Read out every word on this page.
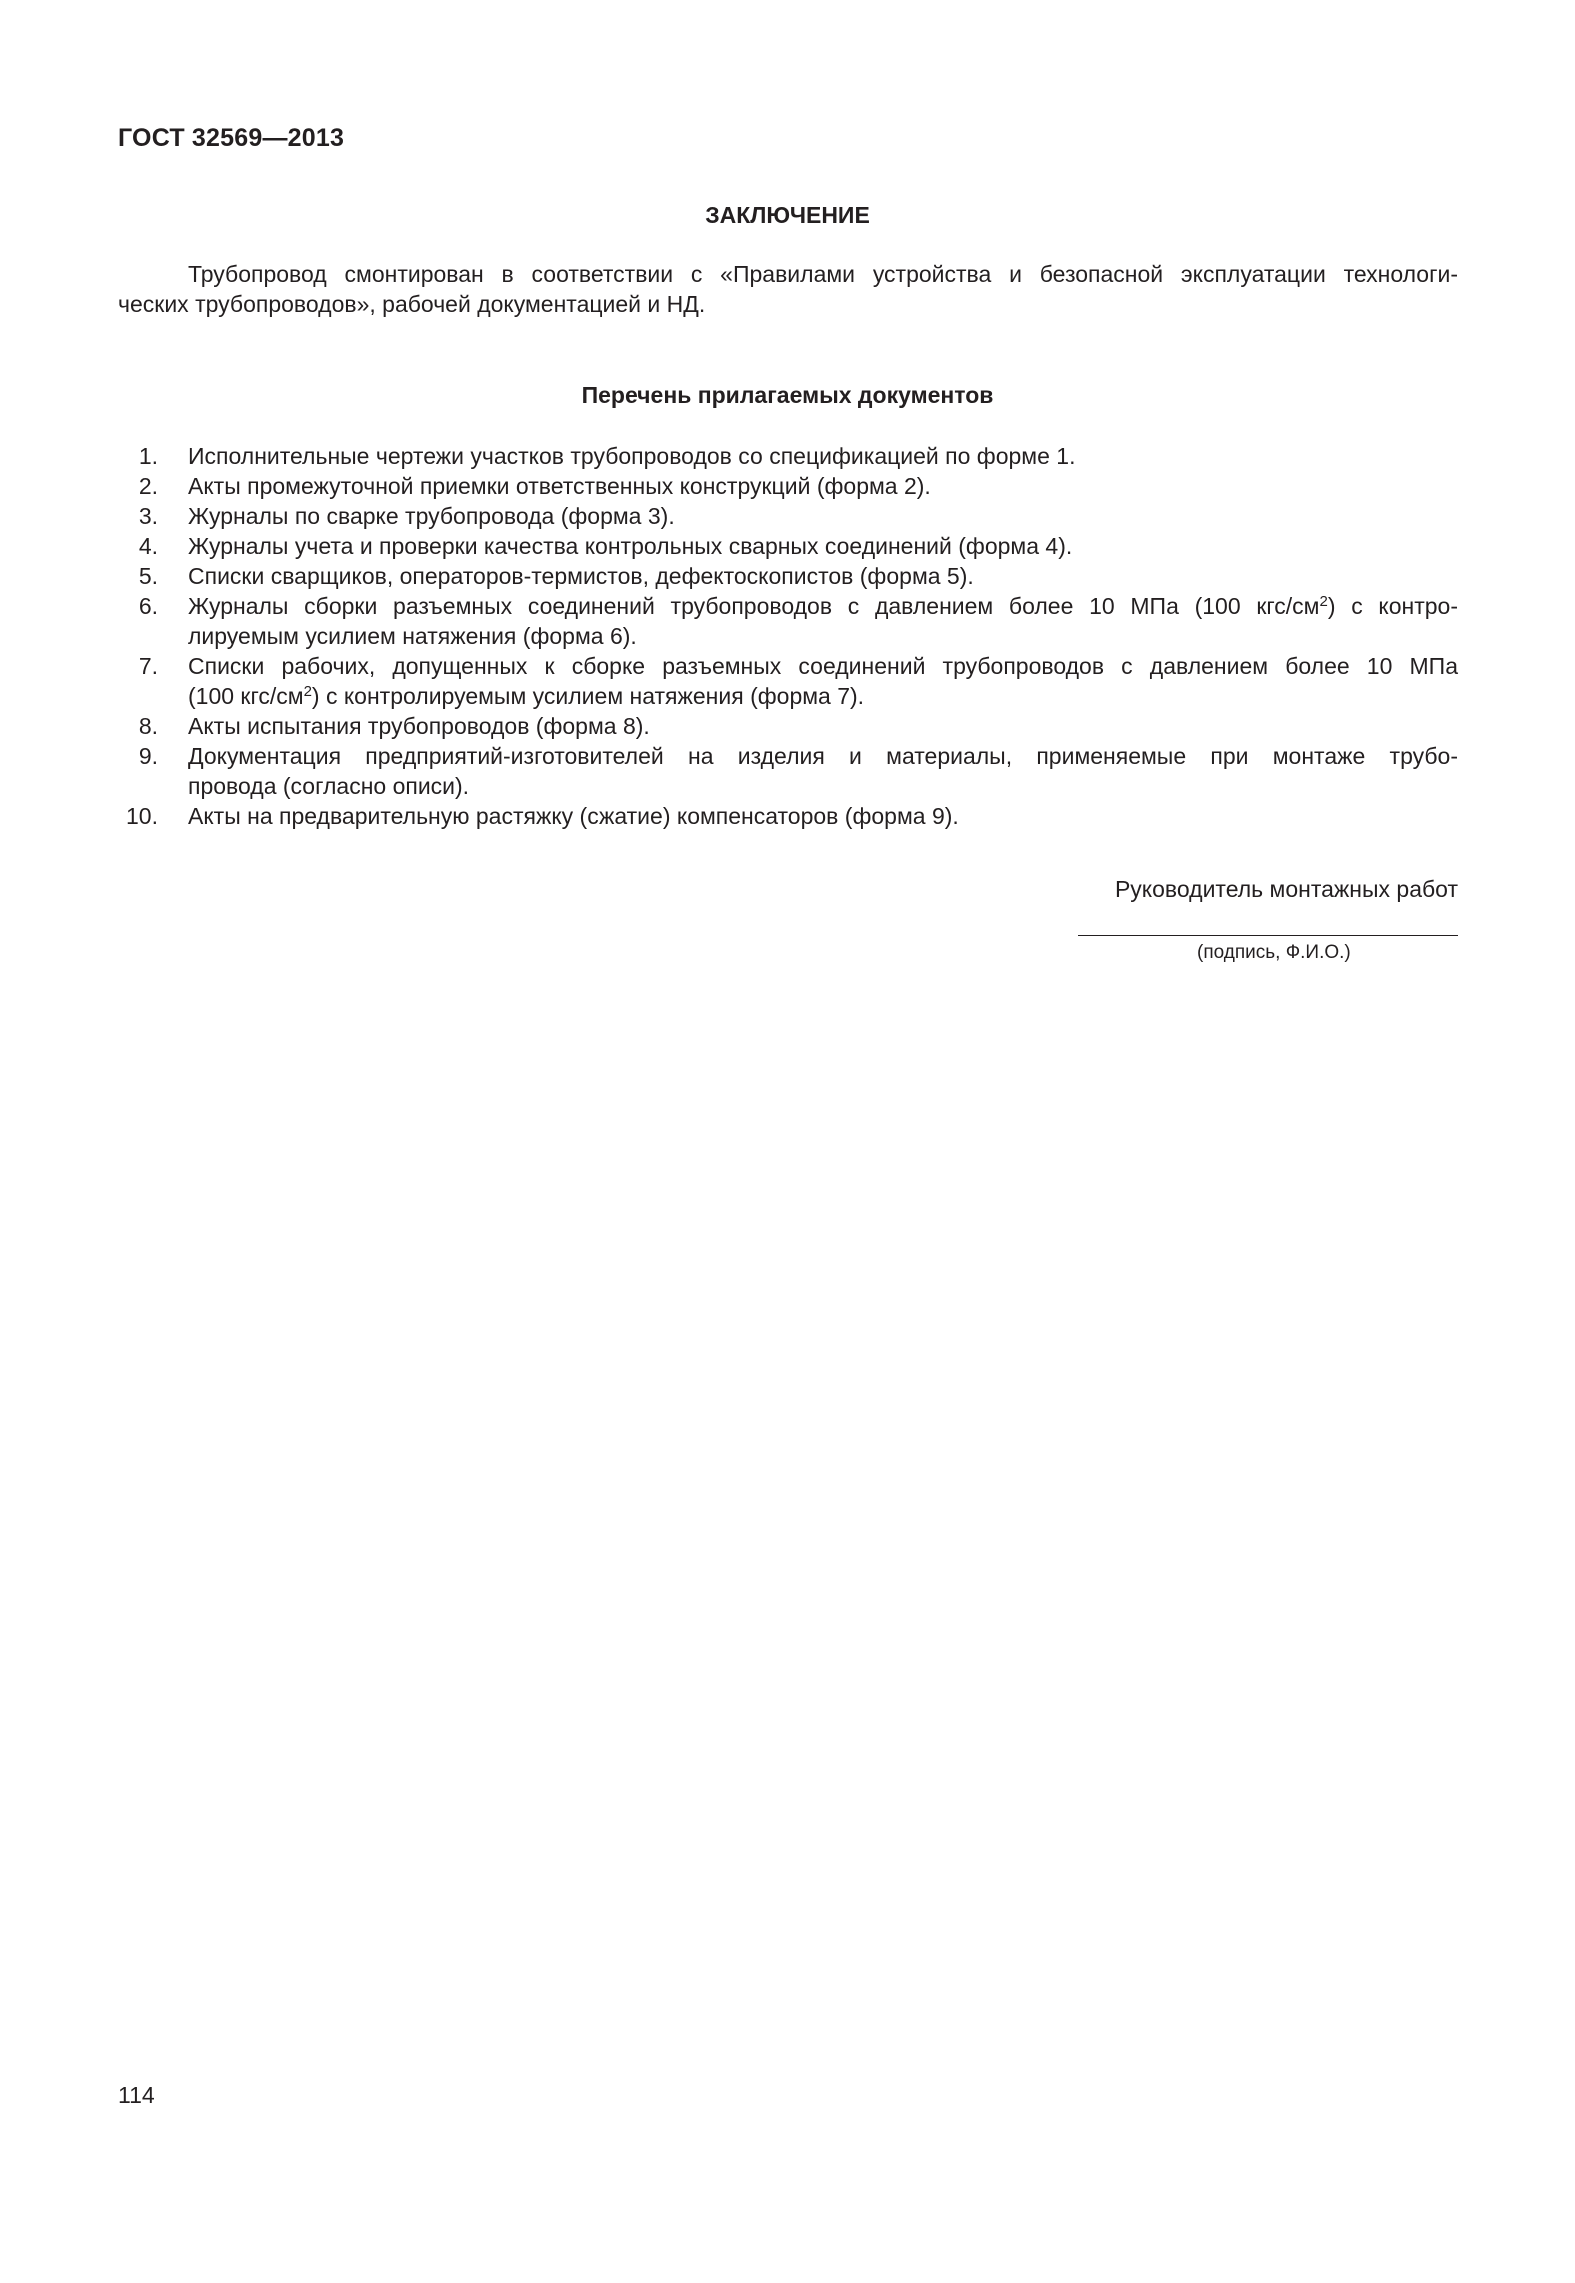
ГОСТ 32569—2013
ЗАКЛЮЧЕНИЕ
Трубопровод смонтирован в соответствии с «Правилами устройства и безопасной эксплуатации технологи-
ческих трубопроводов», рабочей документацией и НД.
Перечень прилагаемых документов
1. Исполнительные чертежи участков трубопроводов со спецификацией по форме 1.
2. Акты промежуточной приемки ответственных конструкций (форма 2).
3. Журналы по сварке трубопровода (форма 3).
4. Журналы учета и проверки качества контрольных сварных соединений (форма 4).
5. Списки сварщиков, операторов-термистов, дефектоскопистов (форма 5).
6. Журналы сборки разъемных соединений трубопроводов с давлением более 10 МПа (100 кгс/$см^2$) с контро-
лируемым усилием натяжения (форма 6).
7. Списки рабочих, допущенных к сборке разъемных соединений трубопроводов с давлением более 10 МПа
(100 кгс/$см^2$) с контролируемым усилием натяжения (форма 7).
8. Акты испытания трубопроводов (форма 8).
9. Документация предприятий-изготовителей на изделия и материалы, применяемые при монтаже трубо-
провода (согласно описи).
10. Акты на предварительную растяжку (сжатие) компенсаторов (форма 9).
Руководитель монтажных работ
(подпись, Ф.И.О.)
114
